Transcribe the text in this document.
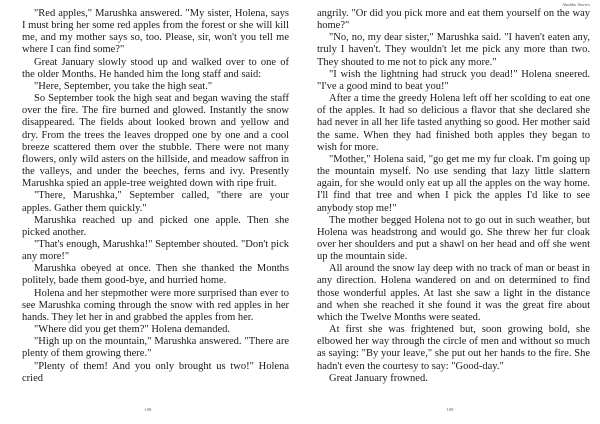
"Red apples," Marushka answered. "My sister, Holena, says I must bring her some red apples from the forest or she will kill me, and my mother says so, too. Please, sir, won't you tell me where I can find some?"

Great January slowly stood up and walked over to one of the older Months. He handed him the long staff and said:

"Here, September, you take the high seat."

So September took the high seat and began waving the staff over the fire. The fire burned and glowed. Instantly the snow disappeared. The fields about looked brown and yellow and dry. From the trees the leaves dropped one by one and a cool breeze scattered them over the stubble. There were not many flowers, only wild asters on the hillside, and meadow saffron in the valleys, and under the beeches, ferns and ivy. Presently Marushka spied an apple-tree weighted down with ripe fruit.

"There, Marushka," September called, "there are your apples. Gather them quickly."

Marushka reached up and picked one apple. Then she picked another.

"That's enough, Marushka!" September shouted. "Don't pick any more!"

Marushka obeyed at once. Then she thanked the Months politely, bade them good-bye, and hurried home.

Holena and her stepmother were more surprised than ever to see Marushka coming through the snow with red apples in her hands. They let her in and grabbed the apples from her.

"Where did you get them?" Holena demanded.

"High up on the mountain," Marushka answered. "There are plenty of them growing there."

"Plenty of them! And you only brought us two!" Holena cried

108
Aladdin Stories

angrily. "Or did you pick more and eat them yourself on the way home?"

"No, no, my dear sister," Marushka said. "I haven't eaten any, truly I haven't. They wouldn't let me pick any more than two. They shouted to me not to pick any more."

"I wish the lightning had struck you dead!" Holena sneered. "I've a good mind to beat you!"

After a time the greedy Holena left off her scolding to eat one of the apples. It had so delicious a flavor that she declared she had never in all her life tasted anything so good. Her mother said the same. When they had finished both apples they began to wish for more.

"Mother," Holena said, "go get me my fur cloak. I'm going up the mountain myself. No use sending that lazy little slattern again, for she would only eat up all the apples on the way home. I'll find that tree and when I pick the apples I'd like to see anybody stop me!"

The mother begged Holena not to go out in such weather, but Holena was headstrong and would go. She threw her fur cloak over her shoulders and put a shawl on her head and off she went up the mountain side.

All around the snow lay deep with no track of man or beast in any direction. Holena wandered on and on determined to find those wonderful apples. At last she saw a light in the distance and when she reached it she found it was the great fire about which the Twelve Months were seated.

At first she was frightened but, soon growing bold, she elbowed her way through the circle of men and without so much as saying: "By your leave," she put out her hands to the fire. She hadn't even the courtesy to say: "Good-day."

Great January frowned.

109
